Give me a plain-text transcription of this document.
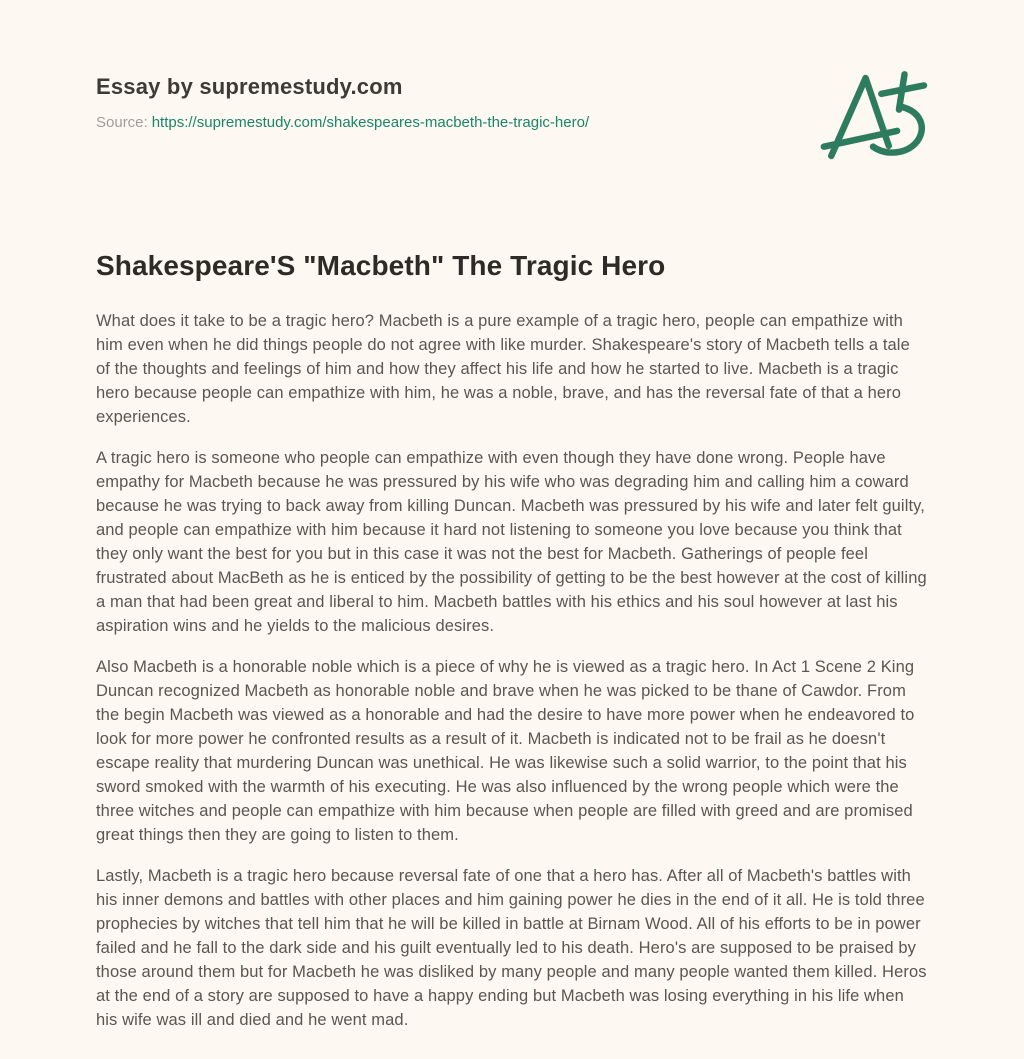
Essay by supremestudy.com
Source: https://supremestudy.com/shakespeares-macbeth-the-tragic-hero/
Shakespeare'S "Macbeth" The Tragic Hero

What does it take to be a tragic hero? Macbeth is a pure example of a tragic hero, people can empathize with him even when he did things people do not agree with like murder. Shakespeare's story of Macbeth tells a tale of the thoughts and feelings of him and how they affect his life and how he started to live. Macbeth is a tragic hero because people can empathize with him, he was a noble, brave, and has the reversal fate of that a hero experiences.

A tragic hero is someone who people can empathize with even though they have done wrong. People have empathy for Macbeth because he was pressured by his wife who was degrading him and calling him a coward because he was trying to back away from killing Duncan. Macbeth was pressured by his wife and later felt guilty, and people can empathize with him because it hard not listening to someone you love because you think that they only want the best for you but in this case it was not the best for Macbeth. Gatherings of people feel frustrated about MacBeth as he is enticed by the possibility of getting to be the best however at the cost of killing a man that had been great and liberal to him. Macbeth battles with his ethics and his soul however at last his aspiration wins and he yields to the malicious desires.

Also Macbeth is a honorable noble which is a piece of why he is viewed as a tragic hero. In Act 1 Scene 2 King Duncan recognized Macbeth as honorable noble and brave when he was picked to be thane of Cawdor. From the begin Macbeth was viewed as a honorable and had the desire to have more power when he endeavored to look for more power he confronted results as a result of it. Macbeth is indicated not to be frail as he doesn't escape reality that murdering Duncan was unethical. He was likewise such a solid warrior, to the point that his sword smoked with the warmth of his executing. He was also influenced by the wrong people which were the three witches and people can empathize with him because when people are filled with greed and are promised great things then they are going to listen to them.

Lastly, Macbeth is a tragic hero because reversal fate of one that a hero has. After all of Macbeth's battles with his inner demons and battles with other places and him gaining power he dies in the end of it all. He is told three prophecies by witches that tell him that he will be killed in battle at Birnam Wood. All of his efforts to be in power failed and he fall to the dark side and his guilt eventually led to his death. Hero's are supposed to be praised by those around them but for Macbeth he was disliked by many people and many people wanted them killed. Heros at the end of a story are supposed to have a happy ending but Macbeth was losing everything in his life when his wife was ill and died and he went mad.
